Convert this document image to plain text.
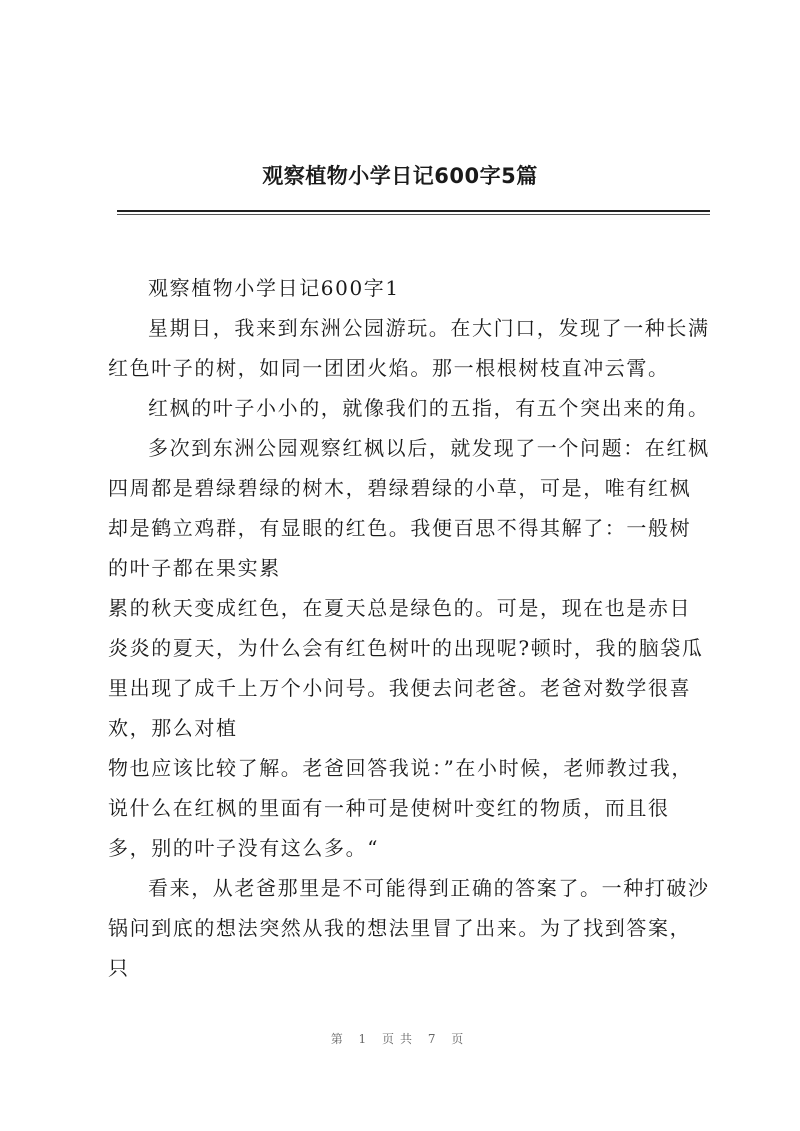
观察植物小学日记600字5篇

观察植物小学日记600字1

星期日，我来到东洲公园游玩。在大门口，发现了一种长满红色叶子的树，如同一团团火焰。那一根根树枝直冲云霄。

红枫的叶子小小的，就像我们的五指，有五个突出来的角。

多次到东洲公园观察红枫以后，就发现了一个问题：在红枫四周都是碧绿碧绿的树木，碧绿碧绿的小草，可是，唯有红枫却是鹤立鸡群，有显眼的红色。我便百思不得其解了：一般树的叶子都在果实累

累的秋天变成红色，在夏天总是绿色的。可是，现在也是赤日炎炎的夏天，为什么会有红色树叶的出现呢?顿时，我的脑袋瓜里出现了成千上万个小问号。我便去问老爸。老爸对数学很喜欢，那么对植

物也应该比较了解。老爸回答我说：”在小时候，老师教过我，说什么在红枫的里面有一种可是使树叶变红的物质，而且很多，别的叶子没有这么多。“

看来，从老爸那里是不可能得到正确的答案了。一种打破沙锅问到底的想法突然从我的想法里冒了出来。为了找到答案，只

第 1 页共 7 页
